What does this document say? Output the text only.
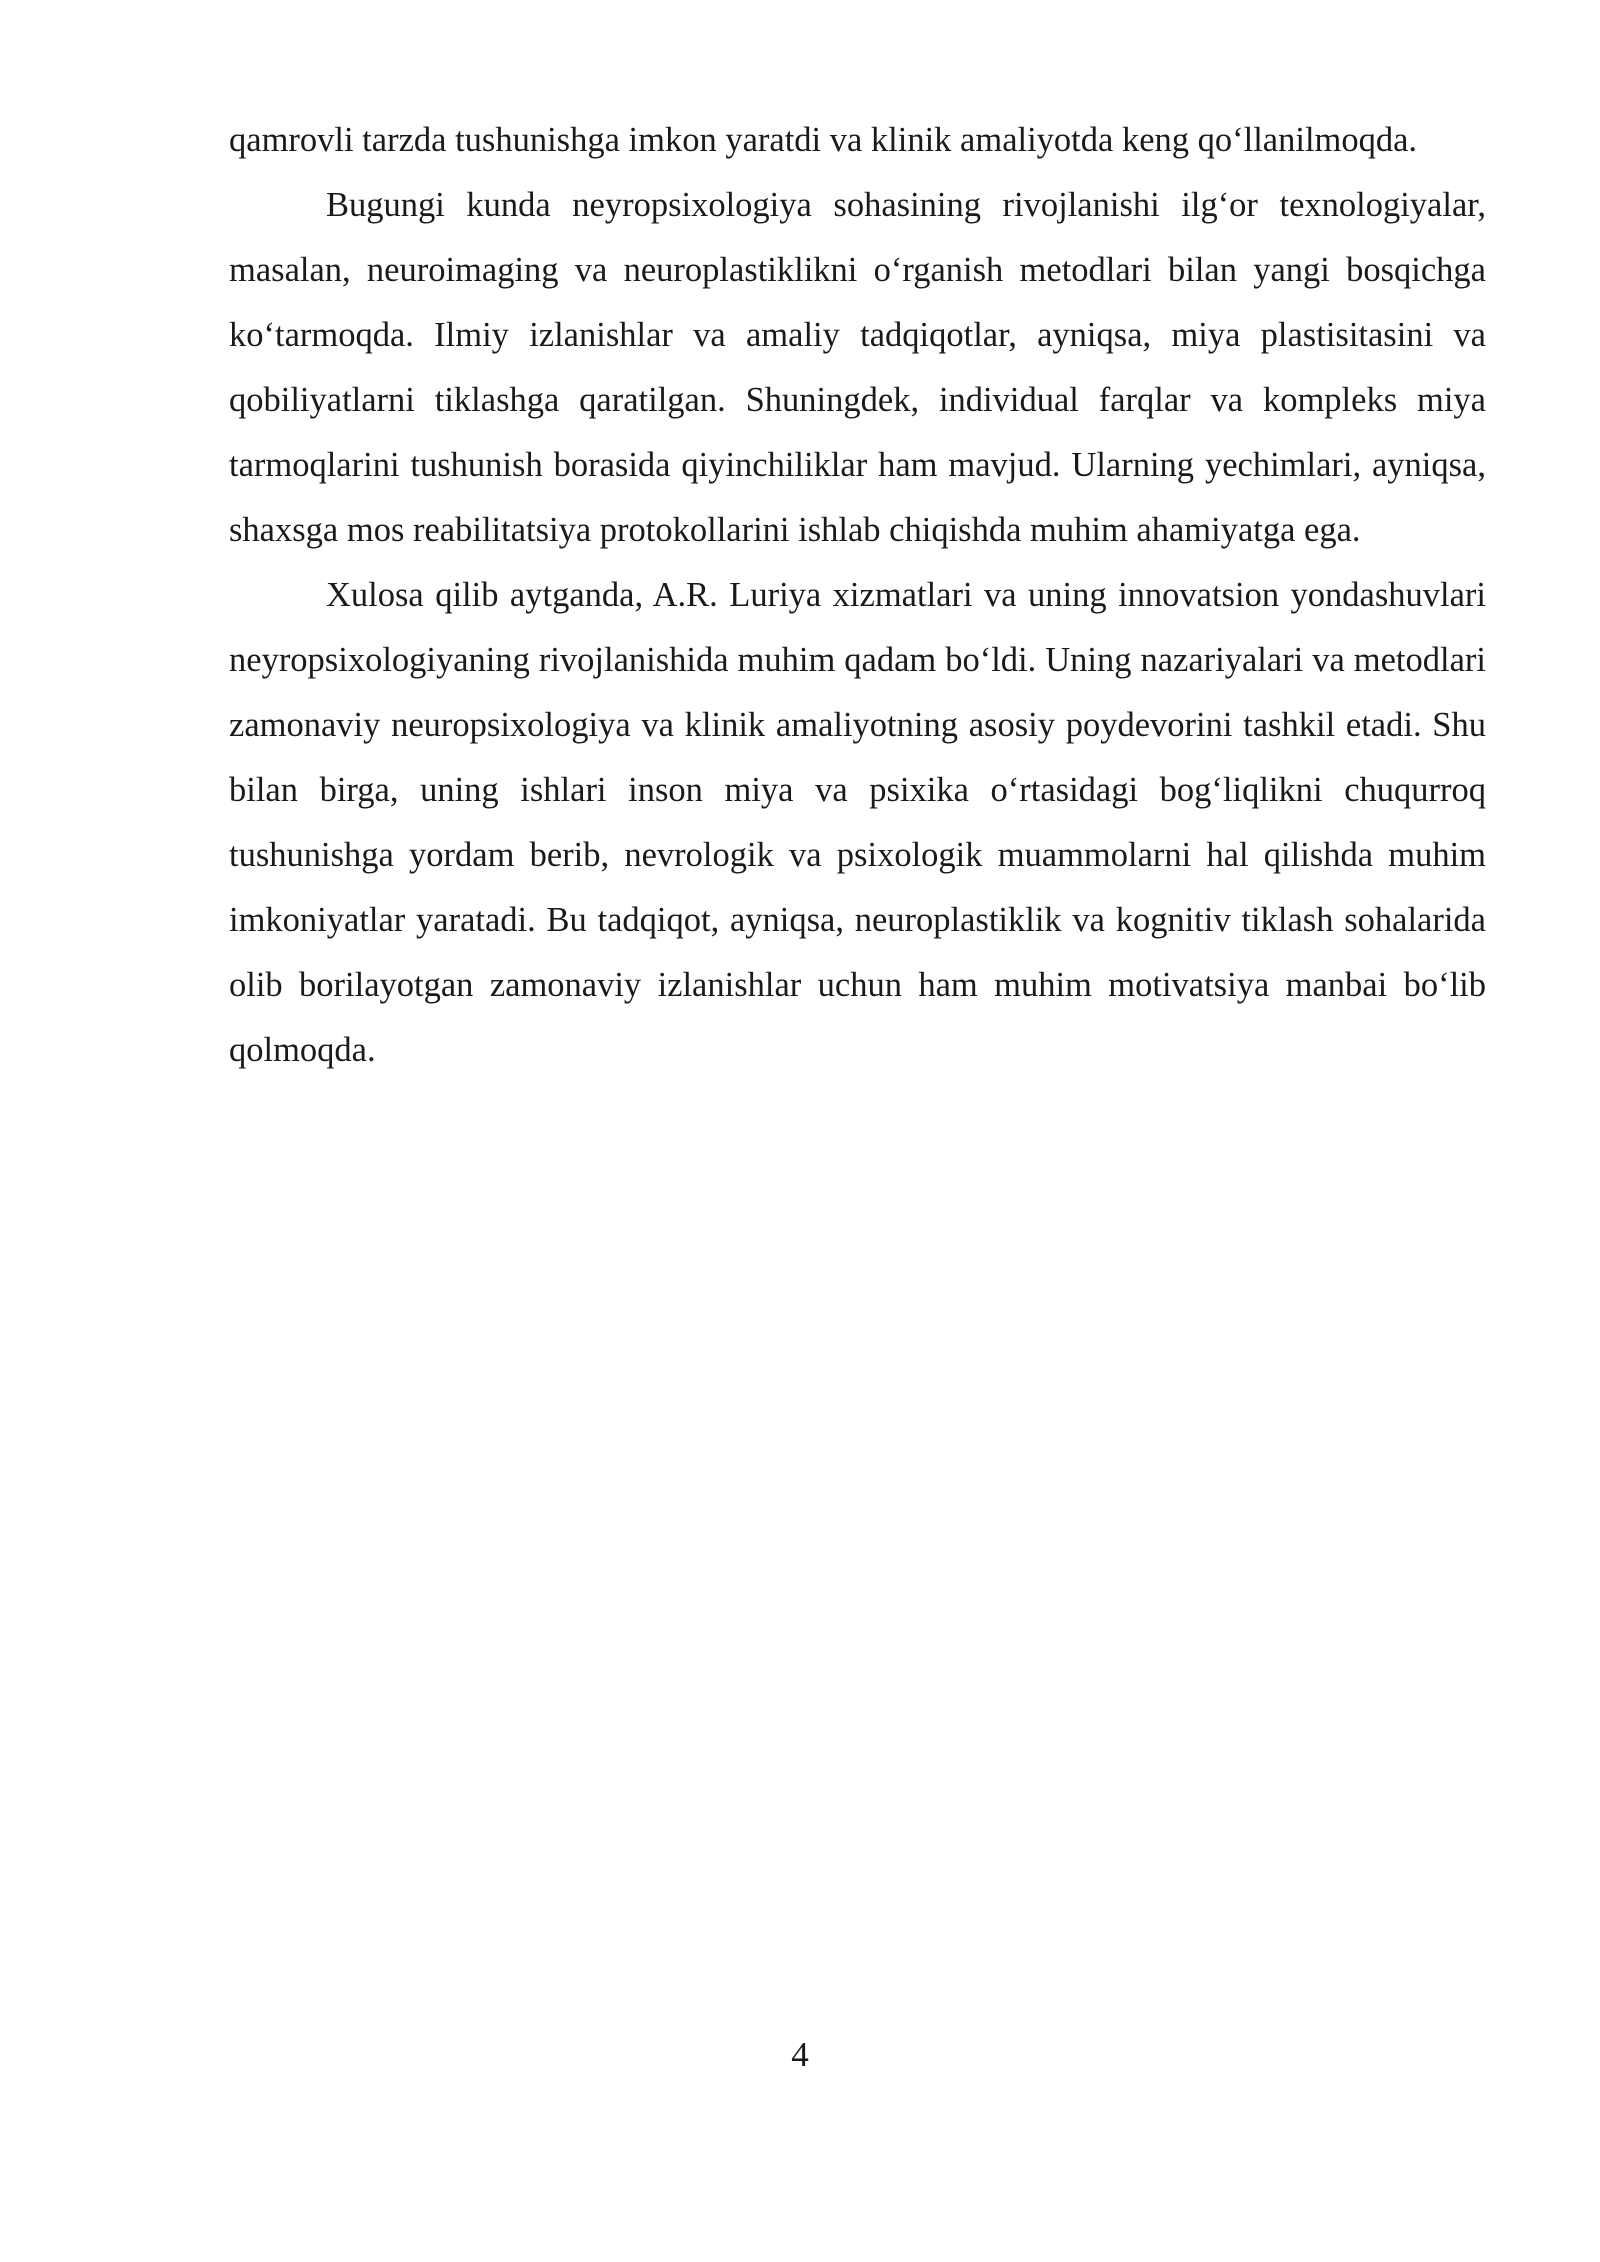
qamrovli tarzda tushunishga imkon yaratdi va klinik amaliyotda keng qo‘llanilmoqda.

Bugungi kunda neyropsixologiya sohasining rivojlanishi ilg‘or texnologiyalar, masalan, neuroimaging va neuroplastiklikni o‘rganish metodlari bilan yangi bosqichga ko‘tarmoqda. Ilmiy izlanishlar va amaliy tadqiqotlar, ayniqsa, miya plastisitasini va qobiliyatlarni tiklashga qaratilgan. Shuningdek, individual farqlar va kompleks miya tarmoqlarini tushunish borasida qiyinchiliklar ham mavjud. Ularning yechimlari, ayniqsa, shaxsga mos reabilitatsiya protokollarini ishlab chiqishda muhim ahamiyatga ega.

Xulosa qilib aytganda, A.R. Luriya xizmatlari va uning innovatsion yondashuvlari neyropsixologiyaning rivojlanishida muhim qadam bo‘ldi. Uning nazariyalari va metodlari zamonaviy neuropsixologiya va klinik amaliyotning asosiy poydevorini tashkil etadi. Shu bilan birga, uning ishlari inson miya va psixika o‘rtasidagi bog‘liqlikni chuqurroq tushunishga yordam berib, nevrologik va psixologik muammolarni hal qilishda muhim imkoniyatlar yaratadi. Bu tadqiqot, ayniqsa, neuroplastiklik va kognitiv tiklash sohalarida olib borilayotgan zamonaviy izlanishlar uchun ham muhim motivatsiya manbai bo‘lib qolmoqda.

4
